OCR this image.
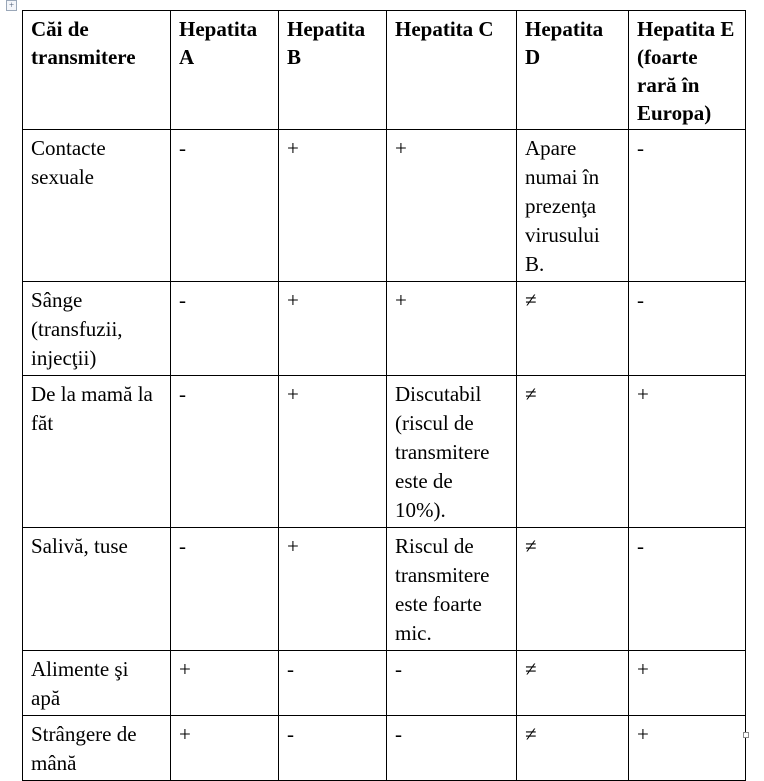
+
Căi de transmitere	Hepatita A	Hepatita B	Hepatita C	Hepatita D	Hepatita E (foarte rară în Europa)
Contacte sexuale	-	+	+	Apare numai în prezenţa virusului B.	-
Sânge (transfuzii, injecţii)	-	+	+	≠	-
De la mamă la făt	-	+	Discutabil (riscul de transmitere este de 10%).	≠	+
Salivă, tuse	-	+	Riscul de transmitere este foarte mic.	≠	-
Alimente şi apă	+	-	-	≠	+
Strângere de mână	+	-	-	≠	+
